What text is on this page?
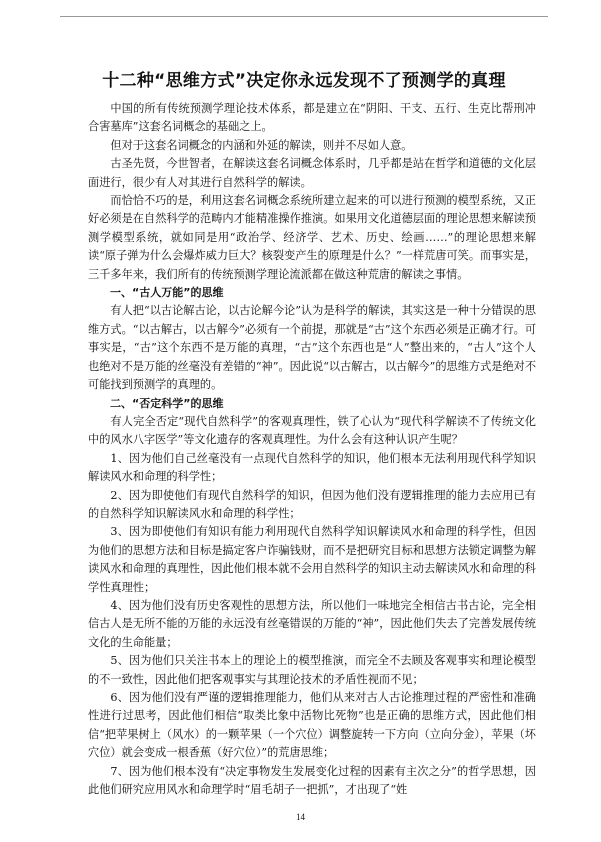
十二种“思维方式”决定你永远发现不了预测学的真理

中国的所有传统预测学理论技术体系，都是建立在“阴阳、干支、五行、生克比帮刑冲合害墓库”这套名词概念的基础之上。

但对于这套名词概念的内涵和外延的解读，则并不尽如人意。

古圣先贤，今世智者，在解读这套名词概念体系时，几乎都是站在哲学和道德的文化层面进行，很少有人对其进行自然科学的解读。

而恰恰不巧的是，利用这套名词概念系统所建立起来的可以进行预测的模型系统，又正好必须是在自然科学的范畴内才能精准操作推演。如果用文化道德层面的理论思想来解读预测学模型系统，就如同是用“政治学、经济学、艺术、历史、绘画……”的理论思想来解读“原子弹为什么会爆炸威力巨大？核裂变产生的原理是什么？”一样荒唐可笑。而事实是，三千多年来，我们所有的传统预测学理论流派都在做这种荒唐的解读之事情。

一、“古人万能”的思维

有人把“以古论解古论，以古论解今论”认为是科学的解读，其实这是一种十分错误的思维方式。“以古解古，以古解今”必须有一个前提，那就是“古”这个东西必须是正确才行。可事实是，“古”这个东西不是万能的真理，“古”这个东西也是“人”整出来的，“古人”这个人也绝对不是万能的丝毫没有差错的“神”。因此说“以古解古，以古解今”的思维方式是绝对不可能找到预测学的真理的。

二、“否定科学”的思维

有人完全否定“现代自然科学”的客观真理性，铁了心认为“现代科学解读不了传统文化中的风水八字医学”等文化遗存的客观真理性。为什么会有这种认识产生呢？

1、因为他们自己丝毫没有一点现代自然科学的知识，他们根本无法利用现代科学知识解读风水和命理的科学性；

2、因为即使他们有现代自然科学的知识，但因为他们没有逻辑推理的能力去应用已有的自然科学知识解读风水和命理的科学性；

3、因为即使他们有知识有能力利用现代自然科学知识解读风水和命理的科学性，但因为他们的思想方法和目标是搞定客户诈骗钱财，而不是把研究目标和思想方法锁定调整为解读风水和命理的真理性，因此他们根本就不会用自然科学的知识主动去解读风水和命理的科学性真理性；

4、因为他们没有历史客观性的思想方法，所以他们一味地完全相信古书古论，完全相信古人是无所不能的万能的永远没有丝毫错误的万能的“神”，因此他们失去了完善发展传统文化的生命能量；

5、因为他们只关注书本上的理论上的模型推演，而完全不去顾及客观事实和理论模型的不一致性，因此他们把客观事实与其理论技术的矛盾性视而不见；

6、因为他们没有严谨的逻辑推理能力，他们从来对古人古论推理过程的严密性和准确性进行过思考，因此他们相信“取类比象中活物比死物”也是正确的思维方式，因此他们相信“把苹果树上（风水）的一颗苹果（一个穴位）调整旋转一下方向（立向分金），苹果（坏穴位）就会变成一根香蕉（好穴位）”的荒唐思维；

7、因为他们根本没有“决定事物发生发展变化过程的因素有主次之分”的哲学思想，因此他们研究应用风水和命理学时“眉毛胡子一把抓”，才出现了“姓

14
